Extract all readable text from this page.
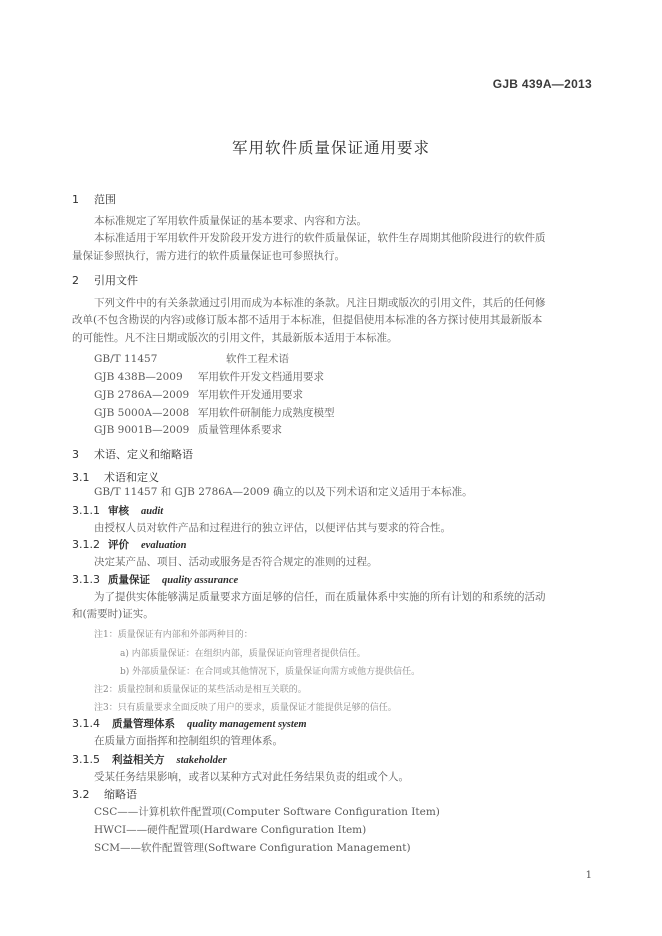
GJB 439A—2013
军用软件质量保证通用要求
1 范围
本标准规定了军用软件质量保证的基本要求、内容和方法。
本标准适用于军用软件开发阶段开发方进行的软件质量保证，软件生存周期其他阶段进行的软件质
量保证参照执行，需方进行的软件质量保证也可参照执行。
2 引用文件
下列文件中的有关条款通过引用而成为本标准的条款。凡注日期或版次的引用文件，其后的任何修
改单(不包含勘误的内容)或修订版本都不适用于本标准，但提倡使用本标准的各方探讨使用其最新版本
的可能性。凡不注日期或版次的引用文件，其最新版本适用于本标准。
GB/T 11457	软件工程术语
GJB 438B—2009 军用软件开发文档通用要求
GJB 2786A—2009 军用软件开发通用要求
GJB 5000A—2008 军用软件研制能力成熟度模型
GJB 9001B—2009 质量管理体系要求
3 术语、定义和缩略语
3.1 术语和定义
GB/T 11457 和 GJB 2786A—2009 确立的以及下列术语和定义适用于本标准。
3.1.1 审核 audit
由授权人员对软件产品和过程进行的独立评估，以便评估其与要求的符合性。
3.1.2 评价 evaluation
决定某产品、项目、活动或服务是否符合规定的准则的过程。
3.1.3 质量保证 quality assurance
为了提供实体能够满足质量要求方面足够的信任，而在质量体系中实施的所有计划的和系统的活动
和(需要时)证实。
注1：质量保证有内部和外部两种目的：
a) 内部质量保证：在组织内部，质量保证向管理者提供信任。
b) 外部质量保证：在合同或其他情况下，质量保证向需方或他方提供信任。
注2：质量控制和质量保证的某些活动是相互关联的。
注3：只有质量要求全面反映了用户的要求，质量保证才能提供足够的信任。
3.1.4 质量管理体系 quality management system
在质量方面指挥和控制组织的管理体系。
3.1.5 利益相关方 stakeholder
受某任务结果影响，或者以某种方式对此任务结果负责的组或个人。
3.2 缩略语
CSC——计算机软件配置项(Computer Software Configuration Item)
HWCI——硬件配置项(Hardware Configuration Item)
SCM——软件配置管理(Software Configuration Management)
1
